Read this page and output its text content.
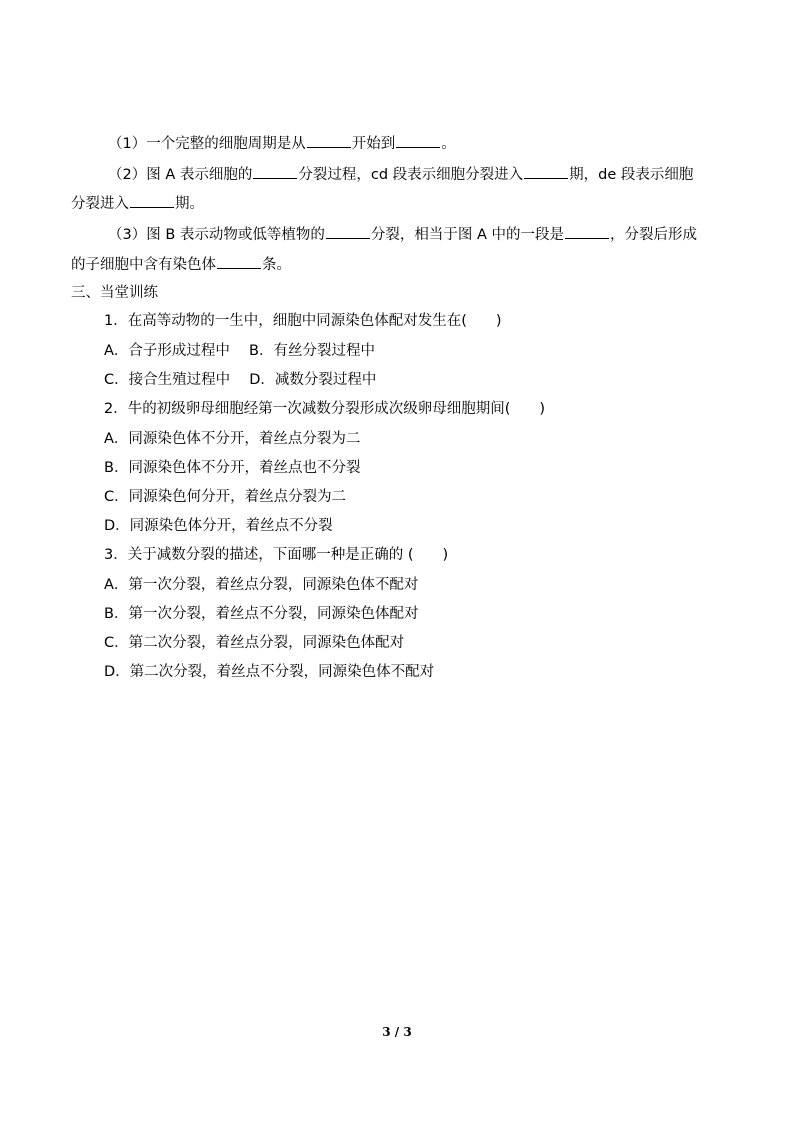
（1）一个完整的细胞周期是从	开始到	。
（2）图 A 表示细胞的	分裂过程，cd 段表示细胞分裂进入	期，de 段表示细胞
分裂进入	期。
（3）图 B 表示动物或低等植物的	分裂，相当于图 A 中的一段是	，分裂后形成
的子细胞中含有染色体	条。
三、当堂训练
1．在高等动物的一生中，细胞中同源染色体配对发生在(　　)
A．合子形成过程中　 B．有丝分裂过程中
C．接合生殖过程中　 D．减数分裂过程中
2．牛的初级卵母细胞经第一次减数分裂形成次级卵母细胞期间(　　)
A．同源染色体不分开，着丝点分裂为二
B．同源染色体不分开，着丝点也不分裂
C．同源染色何分开，着丝点分裂为二
D．同源染色体分开，着丝点不分裂
3．关于减数分裂的描述，下面哪一种是正确的 (　　)
A．第一次分裂，着丝点分裂，同源染色体不配对
B．第一次分裂，着丝点不分裂，同源染色体配对
C．第二次分裂，着丝点分裂，同源染色体配对
D．第二次分裂，着丝点不分裂，同源染色体不配对
3 / 3
